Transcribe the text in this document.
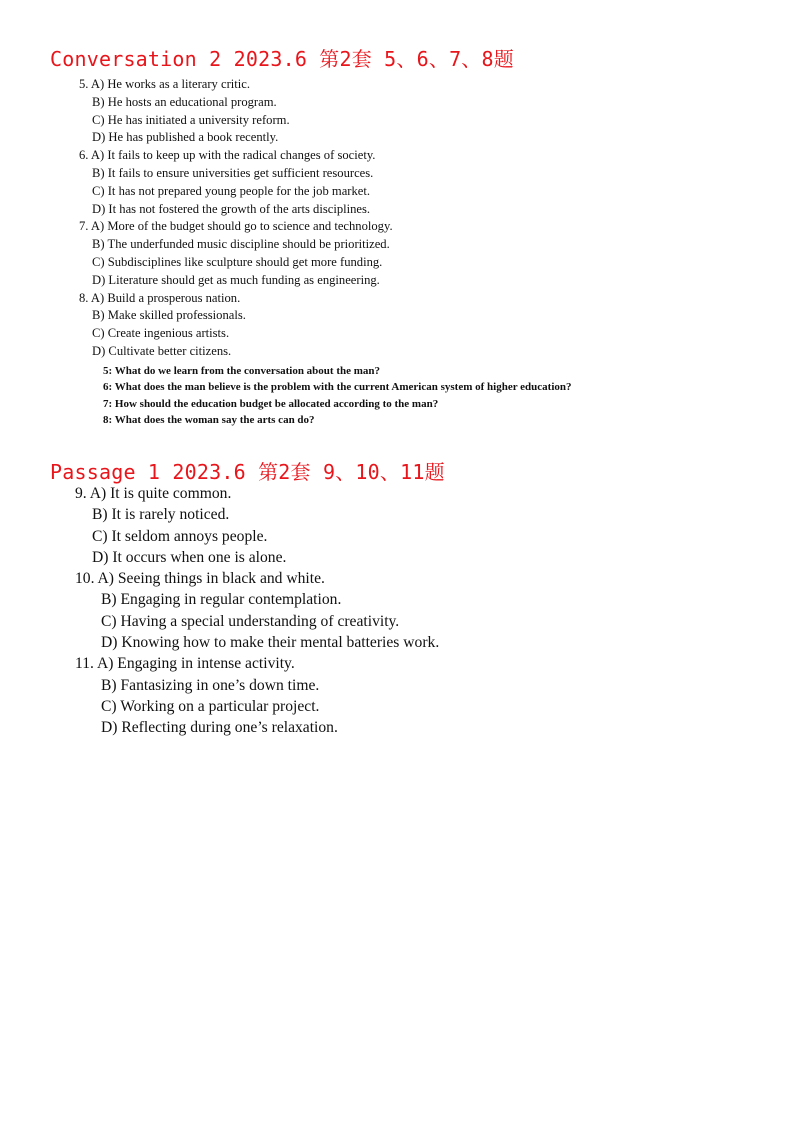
Conversation 2 2023.6 第2套 5、6、7、8题
5. A) He works as a literary critic.
B) He hosts an educational program.
C) He has initiated a university reform.
D) He has published a book recently.
6. A) It fails to keep up with the radical changes of society.
B) It fails to ensure universities get sufficient resources.
C) It has not prepared young people for the job market.
D) It has not fostered the growth of the arts disciplines.
7. A) More of the budget should go to science and technology.
B) The underfunded music discipline should be prioritized.
C) Subdisciplines like sculpture should get more funding.
D) Literature should get as much funding as engineering.
8. A) Build a prosperous nation.
B) Make skilled professionals.
C) Create ingenious artists.
D) Cultivate better citizens.
5: What do we learn from the conversation about the man?
6: What does the man believe is the problem with the current American system of higher education?
7: How should the education budget be allocated according to the man?
8: What does the woman say the arts can do?
Passage 1 2023.6 第2套 9、10、11题
9. A) It is quite common.
B) It is rarely noticed.
C) It seldom annoys people.
D) It occurs when one is alone.
10. A) Seeing things in black and white.
B) Engaging in regular contemplation.
C) Having a special understanding of creativity.
D) Knowing how to make their mental batteries work.
11. A) Engaging in intense activity.
B) Fantasizing in one’s down time.
C) Working on a particular project.
D) Reflecting during one’s relaxation.
